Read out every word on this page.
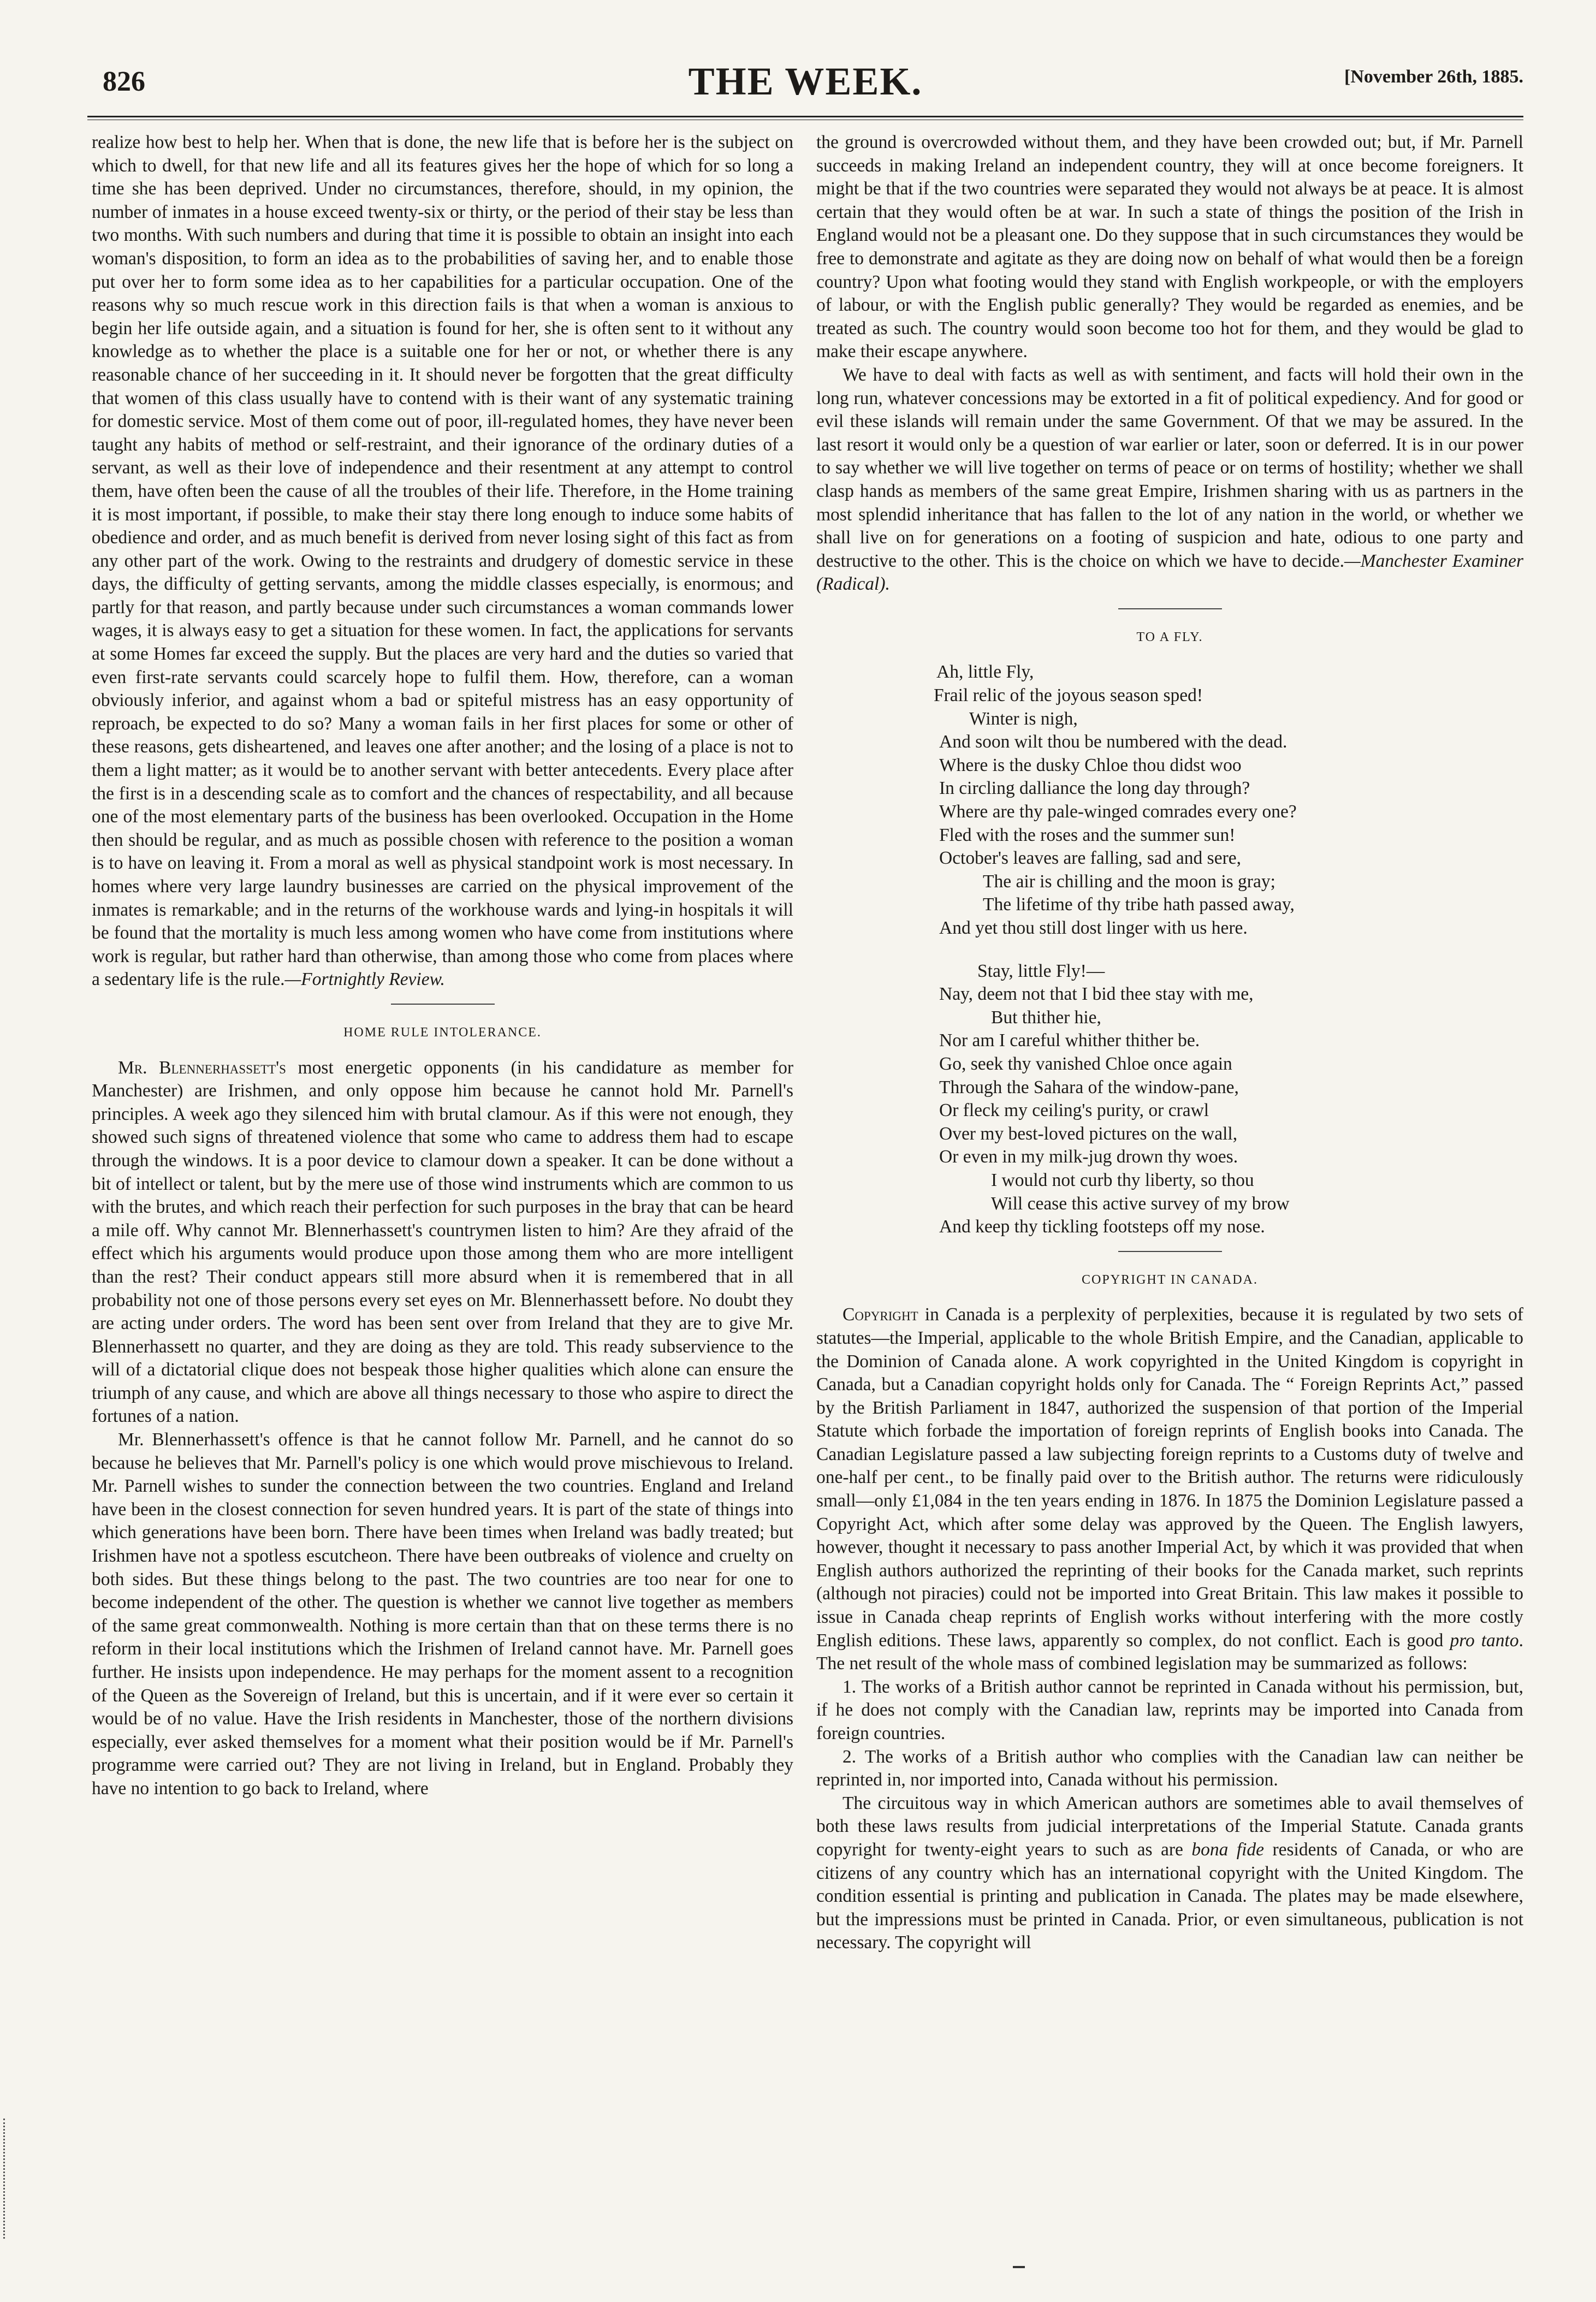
826	THE WEEK.	[November 26th, 1885.

realize how best to help her. When that is done, the new life that is before her is the subject on which to dwell, for that new life and all its features gives her the hope of which for so long a time she has been deprived. Under no circumstances, therefore, should, in my opinion, the number of inmates in a house exceed twenty-six or thirty, or the period of their stay be less than two months. With such numbers and during that time it is possible to obtain an insight into each woman's disposition, to form an idea as to the probabilities of saving her, and to enable those put over her to form some idea as to her capabilities for a particular occupation. One of the reasons why so much rescue work in this direction fails is that when a woman is anxious to begin her life outside again, and a situation is found for her, she is often sent to it without any knowledge as to whether the place is a suitable one for her or not, or whether there is any reasonable chance of her succeeding in it. It should never be forgotten that the great difficulty that women of this class usually have to contend with is their want of any systematic training for domestic service. Most of them come out of poor, ill-regulated homes, they have never been taught any habits of method or self-restraint, and their ignorance of the ordinary duties of a servant, as well as their love of independence and their resentment at any attempt to control them, have often been the cause of all the troubles of their life. Therefore, in the Home training it is most important, if possible, to make their stay there long enough to induce some habits of obedience and order, and as much benefit is derived from never losing sight of this fact as from any other part of the work. Owing to the restraints and drudgery of domestic service in these days, the difficulty of getting servants, among the middle classes especially, is enormous; and partly for that reason, and partly because under such circumstances a woman commands lower wages, it is always easy to get a situation for these women. In fact, the applications for servants at some Homes far exceed the supply. But the places are very hard and the duties so varied that even first-rate servants could scarcely hope to fulfil them. How, therefore, can a woman obviously inferior, and against whom a bad or spiteful mistress has an easy opportunity of reproach, be expected to do so? Many a woman fails in her first places for some or other of these reasons, gets disheartened, and leaves one after another; and the losing of a place is not to them a light matter; as it would be to another servant with better antecedents. Every place after the first is in a descending scale as to comfort and the chances of respectability, and all because one of the most elementary parts of the business has been overlooked. Occupation in the Home then should be regular, and as much as possible chosen with reference to the position a woman is to have on leaving it. From a moral as well as physical standpoint work is most necessary. In homes where very large laundry businesses are carried on the physical improvement of the inmates is remarkable; and in the returns of the workhouse wards and lying-in hospitals it will be found that the mortality is much less among women who have come from institutions where work is regular, but rather hard than otherwise, than among those who come from places where a sedentary life is the rule.—Fortnightly Review.

HOME RULE INTOLERANCE.

Mr. Blennerhassett's most energetic opponents (in his candidature as member for Manchester) are Irishmen, and only oppose him because he cannot hold Mr. Parnell's principles. A week ago they silenced him with brutal clamour. As if this were not enough, they showed such signs of threatened violence that some who came to address them had to escape through the windows. It is a poor device to clamour down a speaker. It can be done without a bit of intellect or talent, but by the mere use of those wind instruments which are common to us with the brutes, and which reach their perfection for such purposes in the bray that can be heard a mile off. Why cannot Mr. Blennerhassett's countrymen listen to him? Are they afraid of the effect which his arguments would produce upon those among them who are more intelligent than the rest? Their conduct appears still more absurd when it is remembered that in all probability not one of those persons every set eyes on Mr. Blennerhassett before. No doubt they are acting under orders. The word has been sent over from Ireland that they are to give Mr. Blennerhassett no quarter, and they are doing as they are told. This ready subservience to the will of a dictatorial clique does not bespeak those higher qualities which alone can ensure the triumph of any cause, and which are above all things necessary to those who aspire to direct the fortunes of a nation.

Mr. Blennerhassett's offence is that he cannot follow Mr. Parnell, and he cannot do so because he believes that Mr. Parnell's policy is one which would prove mischievous to Ireland. Mr. Parnell wishes to sunder the connection between the two countries. England and Ireland have been in the closest connection for seven hundred years. It is part of the state of things into which generations have been born. There have been times when Ireland was badly treated; but Irishmen have not a spotless escutcheon. There have been outbreaks of violence and cruelty on both sides. But these things belong to the past. The two countries are too near for one to become independent of the other. The question is whether we cannot live together as members of the same great commonwealth. Nothing is more certain than that on these terms there is no reform in their local institutions which the Irishmen of Ireland cannot have. Mr. Parnell goes further. He insists upon independence. He may perhaps for the moment assent to a recognition of the Queen as the Sovereign of Ireland, but this is uncertain, and if it were ever so certain it would be of no value. Have the Irish residents in Manchester, those of the northern divisions especially, ever asked themselves for a moment what their position would be if Mr. Parnell's programme were carried out? They are not living in Ireland, but in England. Probably they have no intention to go back to Ireland, where

the ground is overcrowded without them, and they have been crowded out; but, if Mr. Parnell succeeds in making Ireland an independent country, they will at once become foreigners. It might be that if the two countries were separated they would not always be at peace. It is almost certain that they would often be at war. In such a state of things the position of the Irish in England would not be a pleasant one. Do they suppose that in such circumstances they would be free to demonstrate and agitate as they are doing now on behalf of what would then be a foreign country? Upon what footing would they stand with English workpeople, or with the employers of labour, or with the English public generally? They would be regarded as enemies, and be treated as such. The country would soon become too hot for them, and they would be glad to make their escape anywhere.

We have to deal with facts as well as with sentiment, and facts will hold their own in the long run, whatever concessions may be extorted in a fit of political expediency. And for good or evil these islands will remain under the same Government. Of that we may be assured. In the last resort it would only be a question of war earlier or later, soon or deferred. It is in our power to say whether we will live together on terms of peace or on terms of hostility; whether we shall clasp hands as members of the same great Empire, Irishmen sharing with us as partners in the most splendid inheritance that has fallen to the lot of any nation in the world, or whether we shall live on for generations on a footing of suspicion and hate, odious to one party and destructive to the other. This is the choice on which we have to decide.—Manchester Examiner (Radical).

TO A FLY.
Ah, little Fly,
Frail relic of the joyous season sped!
Winter is nigh,
And soon wilt thou be numbered with the dead.
Where is the dusky Chloe thou didst woo
In circling dalliance the long day through?
Where are thy pale-winged comrades every one?
Fled with the roses and the summer sun!
October's leaves are falling, sad and sere,
The air is chilling and the moon is gray;
The lifetime of thy tribe hath passed away,
And yet thou still dost linger with us here.
Stay, little Fly!—
Nay, deem not that I bid thee stay with me,
But thither hie,
Nor am I careful whither thither be.
Go, seek thy vanished Chloe once again
Through the Sahara of the window-pane,
Or fleck my ceiling's purity, or crawl
Over my best-loved pictures on the wall,
Or even in my milk-jug drown thy woes.
I would not curb thy liberty, so thou
Will cease this active survey of my brow
And keep thy tickling footsteps off my nose.
COPYRIGHT IN CANADA.

Copyright in Canada is a perplexity of perplexities, because it is regulated by two sets of statutes—the Imperial, applicable to the whole British Empire, and the Canadian, applicable to the Dominion of Canada alone. A work copyrighted in the United Kingdom is copyright in Canada, but a Canadian copyright holds only for Canada. The “ Foreign Reprints Act,” passed by the British Parliament in 1847, authorized the suspension of that portion of the Imperial Statute which forbade the importation of foreign reprints of English books into Canada. The Canadian Legislature passed a law subjecting foreign reprints to a Customs duty of twelve and one-half per cent., to be finally paid over to the British author. The returns were ridiculously small—only £1,084 in the ten years ending in 1876. In 1875 the Dominion Legislature passed a Copyright Act, which after some delay was approved by the Queen. The English lawyers, however, thought it necessary to pass another Imperial Act, by which it was provided that when English authors authorized the reprinting of their books for the Canada market, such reprints (although not piracies) could not be imported into Great Britain. This law makes it possible to issue in Canada cheap reprints of English works without interfering with the more costly English editions. These laws, apparently so complex, do not conflict. Each is good pro tanto. The net result of the whole mass of combined legislation may be summarized as follows:

1. The works of a British author cannot be reprinted in Canada without his permission, but, if he does not comply with the Canadian law, reprints may be imported into Canada from foreign countries.

2. The works of a British author who complies with the Canadian law can neither be reprinted in, nor imported into, Canada without his permission.

The circuitous way in which American authors are sometimes able to avail themselves of both these laws results from judicial interpretations of the Imperial Statute. Canada grants copyright for twenty-eight years to such as are bona fide residents of Canada, or who are citizens of any country which has an international copyright with the United Kingdom. The condition essential is printing and publication in Canada. The plates may be made elsewhere, but the impressions must be printed in Canada. Prior, or even simultaneous, publication is not necessary. The copyright will
